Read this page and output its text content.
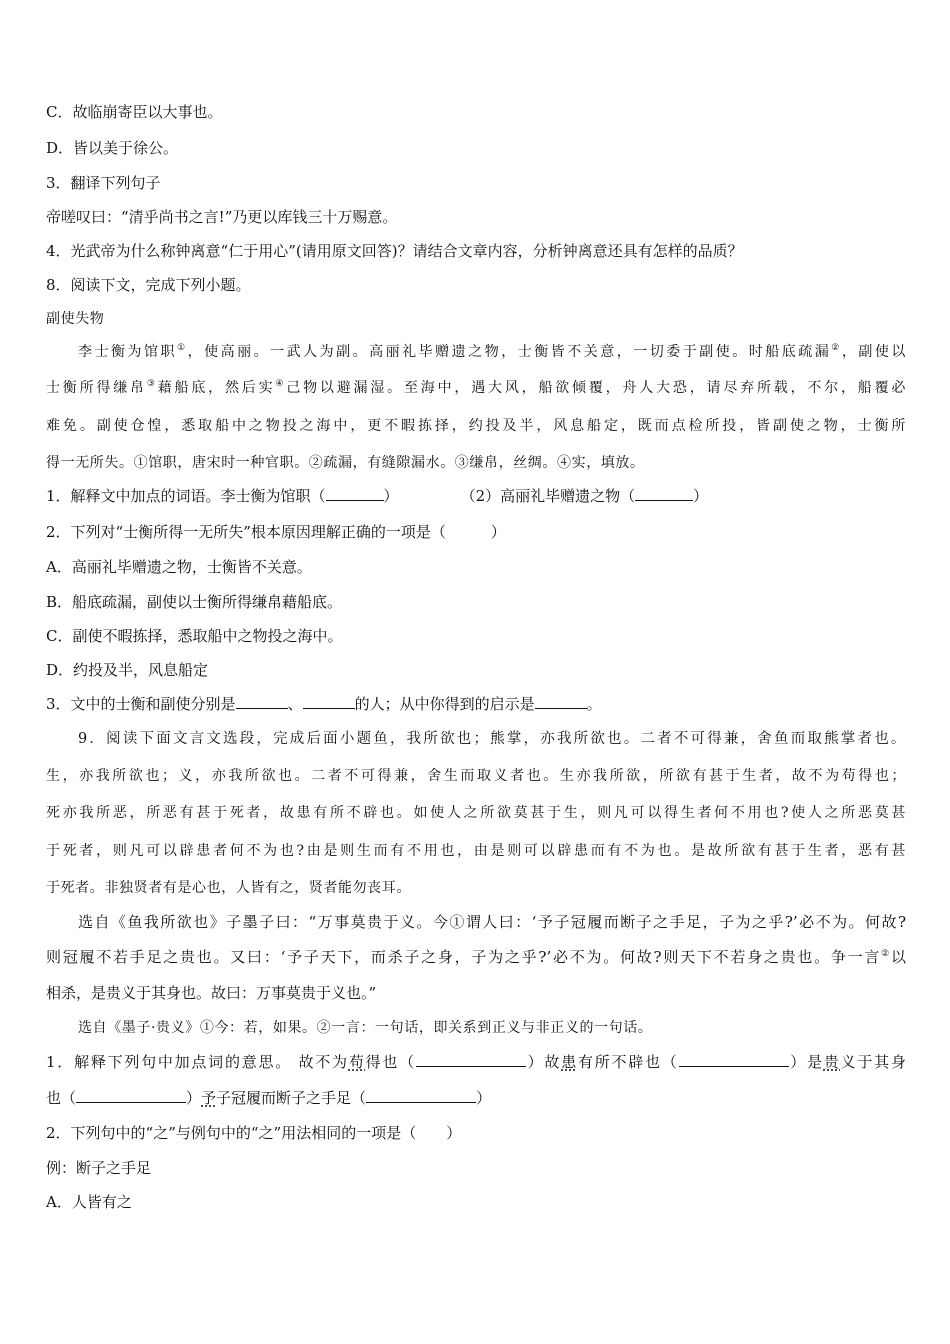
C．故临崩寄臣以大事也。
D．皆以美于徐公。
3．翻译下列句子
帝嗟叹曰：“清乎尚书之言!”乃更以库钱三十万赐意。
4．光武帝为什么称钟离意“仁于用心”(请用原文回答)？请结合文章内容，分析钟离意还具有怎样的品质？
8．阅读下文，完成下列小题。
副使失物
李士衡为馆职①，使高丽。一武人为副。高丽礼毕赠遗之物，士衡皆不关意，一切委于副使。时船底疏漏②，副使以
士衡所得缣帛③藉船底，然后实④己物以避漏湿。至海中，遇大风，船欲倾覆，舟人大恐，请尽弃所载，不尔，船覆必
难免。副使仓惶，悉取船中之物投之海中，更不暇拣择，约投及半，风息船定，既而点检所投，皆副使之物，士衡所
得一无所失。①馆职，唐宋时一种官职。②疏漏，有缝隙漏水。③缣帛，丝绸。④实，填放。
1．解释文中加点的词语。李士衡为馆职（	）	（2）高丽礼毕赠遗之物（	）
2．下列对“士衡所得一无所失”根本原因理解正确的一项是（　　　）
A．高丽礼毕赠遗之物，士衡皆不关意。
B．船底疏漏，副使以士衡所得缣帛藉船底。
C．副使不暇拣择，悉取船中之物投之海中。
D．约投及半，风息船定
3．文中的士衡和副使分别是	、	的人；从中你得到的启示是	。
9．阅读下面文言文选段，完成后面小题鱼，我所欲也；熊掌，亦我所欲也。二者不可得兼，舍鱼而取熊掌者也。
生，亦我所欲也；义，亦我所欲也。二者不可得兼，舍生而取义者也。生亦我所欲，所欲有甚于生者，故不为苟得也；
死亦我所恶，所恶有甚于死者，故患有所不辟也。如使人之所欲莫甚于生，则凡可以得生者何不用也?使人之所恶莫甚
于死者，则凡可以辟患者何不为也?由是则生而有不用也，由是则可以辟患而有不为也。是故所欲有甚于生者，恶有甚
于死者。非独贤者有是心也，人皆有之，贤者能勿丧耳。
选自《鱼我所欲也》子墨子曰：“万事莫贵于义。今①谓人曰：‘予子冠履而断子之手足，子为之乎?’必不为。何故?
则冠履不若手足之贵也。又曰：‘予子天下，而杀子之身，子为之乎?’必不为。何故?则天下不若身之贵也。争一言②以
相杀，是贵义于其身也。故曰：万事莫贵于义也。”
选自《墨子·贵义》①今：若，如果。②一言：一句话，即关系到正义与非正义的一句话。
1．解释下列句中加点词的意思。 故不为苟得也（	）故患有所不辟也（	）是贵义于其身
也（	）予子冠履而断子之手足（	）
2．下列句中的“之”与例句中的“之”用法相同的一项是（　　）
例：断子之手足
A．人皆有之
